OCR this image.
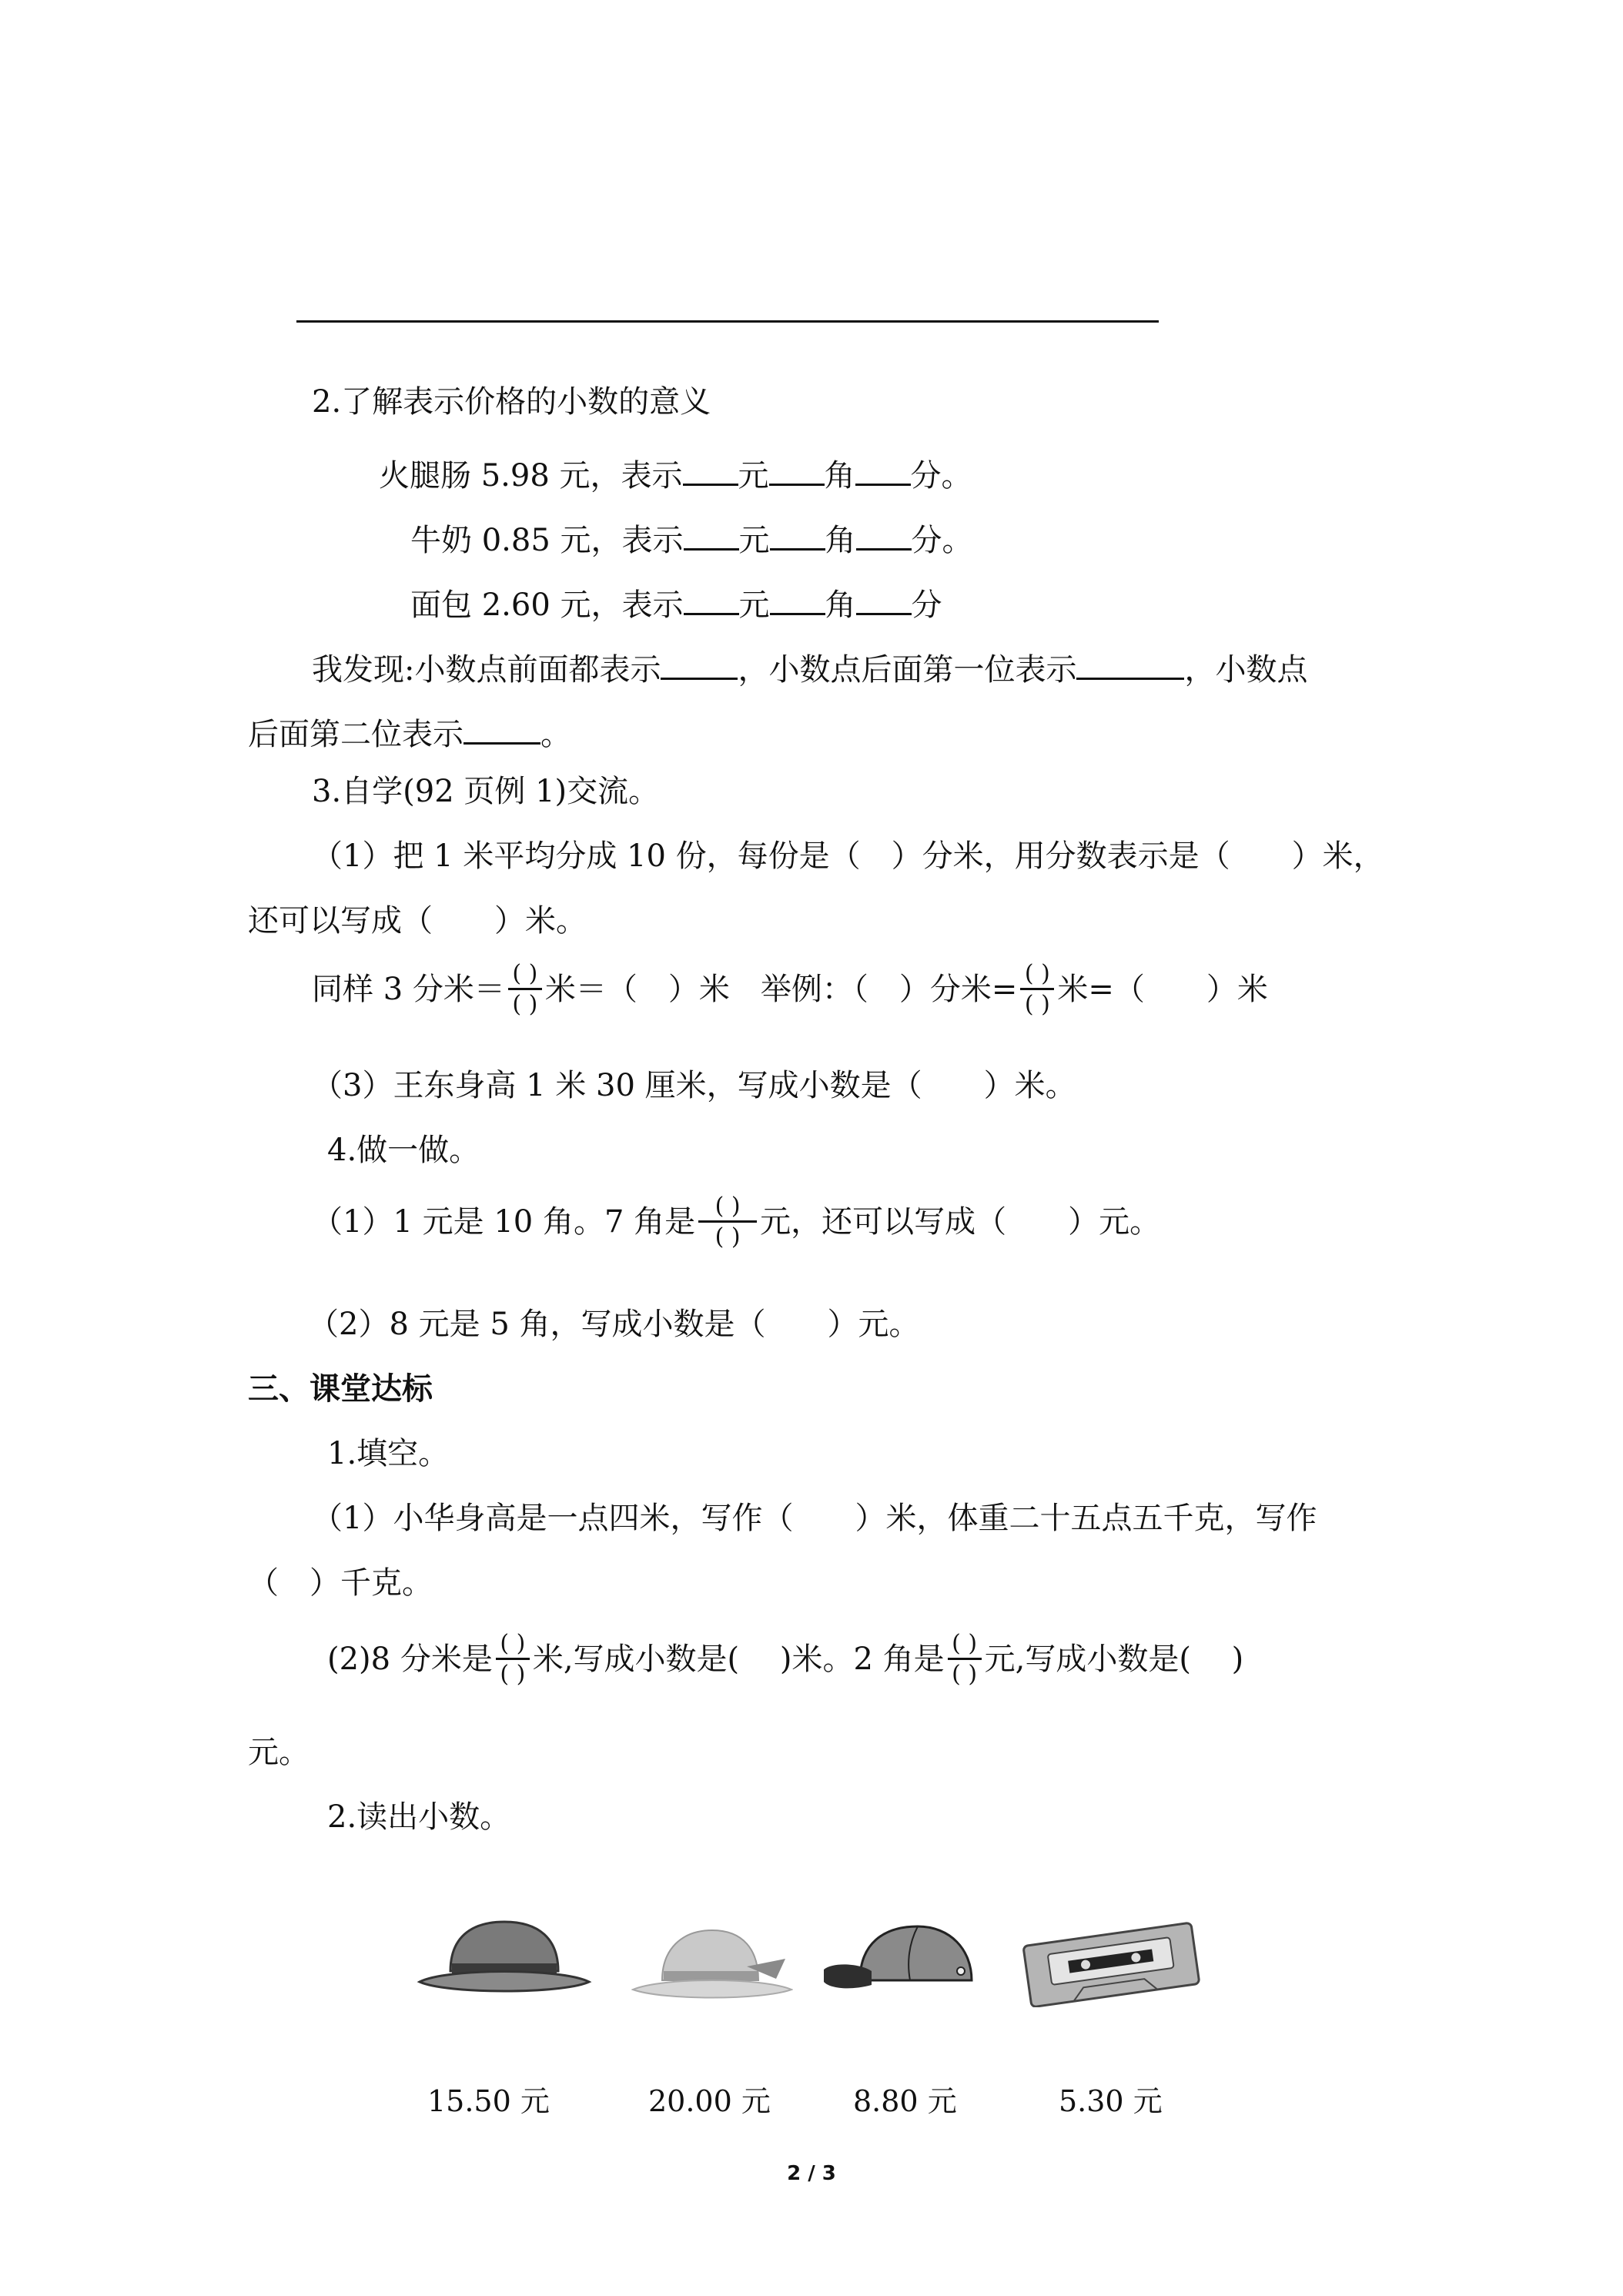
2.了解表示价格的小数的意义
火腿肠 5.98 元，表示 元 角 分。
牛奶 0.85 元，表示 元 角 分。
面包 2.60 元，表示 元 角 分
我发现:小数点前面都表示	，小数点后面第一位表示	，小数点
后面第二位表示	。
3.自学(92 页例 1)交流。
（1）把 1 米平均分成 10 份，每份是（　）分米，用分数表示是（　　）米，
还可以写成（　　）米。
同样 3 分米＝ $\frac{( )}{( )}$ 米＝（　）米　举例：（　）分米= $\frac{( )}{( )}$ 米=（　　）米
（3）王东身高 1 米 30 厘米，写成小数是（　　）米。
4.做一做。
（1）1 元是 10 角。7 角是 $\frac{( )}{( )}$ 元，还可以写成（　　）元。
（2）8 元是 5 角，写成小数是（　　）元。
三、课堂达标
1.填空。
（1）小华身高是一点四米，写作（　　）米，体重二十五点五千克，写作
（　）千克。
(2)8 分米是 $\frac{( )}{( )}$ 米,写成小数是(　 )米。2 角是 $\frac{( )}{( )}$ 元,写成小数是(　 )
元。
2.读出小数。
15.50 元	20.00 元	8.80 元	5.30 元
2 / 3
